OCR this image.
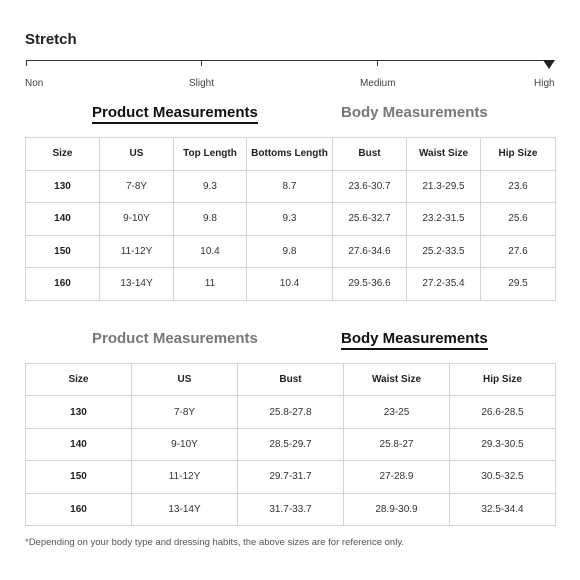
Stretch
Non	Slight	Medium	High
Product Measurements	Body Measurements
Size	US	Top Length	Bottoms Length	Bust	Waist Size	Hip Size
130	7-8Y	9.3	8.7	23.6-30.7	21.3-29.5	23.6
140	9-10Y	9.8	9.3	25.6-32.7	23.2-31.5	25.6
150	11-12Y	10.4	9.8	27.6-34.6	25.2-33.5	27.6
160	13-14Y	11	10.4	29.5-36.6	27.2-35.4	29.5
Product Measurements	Body Measurements
Size	US	Bust	Waist Size	Hip Size
130	7-8Y	25.8-27.8	23-25	26.6-28.5
140	9-10Y	28.5-29.7	25.8-27	29.3-30.5
150	11-12Y	29.7-31.7	27-28.9	30.5-32.5
160	13-14Y	31.7-33.7	28.9-30.9	32.5-34.4
*Depending on your body type and dressing habits, the above sizes are for reference only.
